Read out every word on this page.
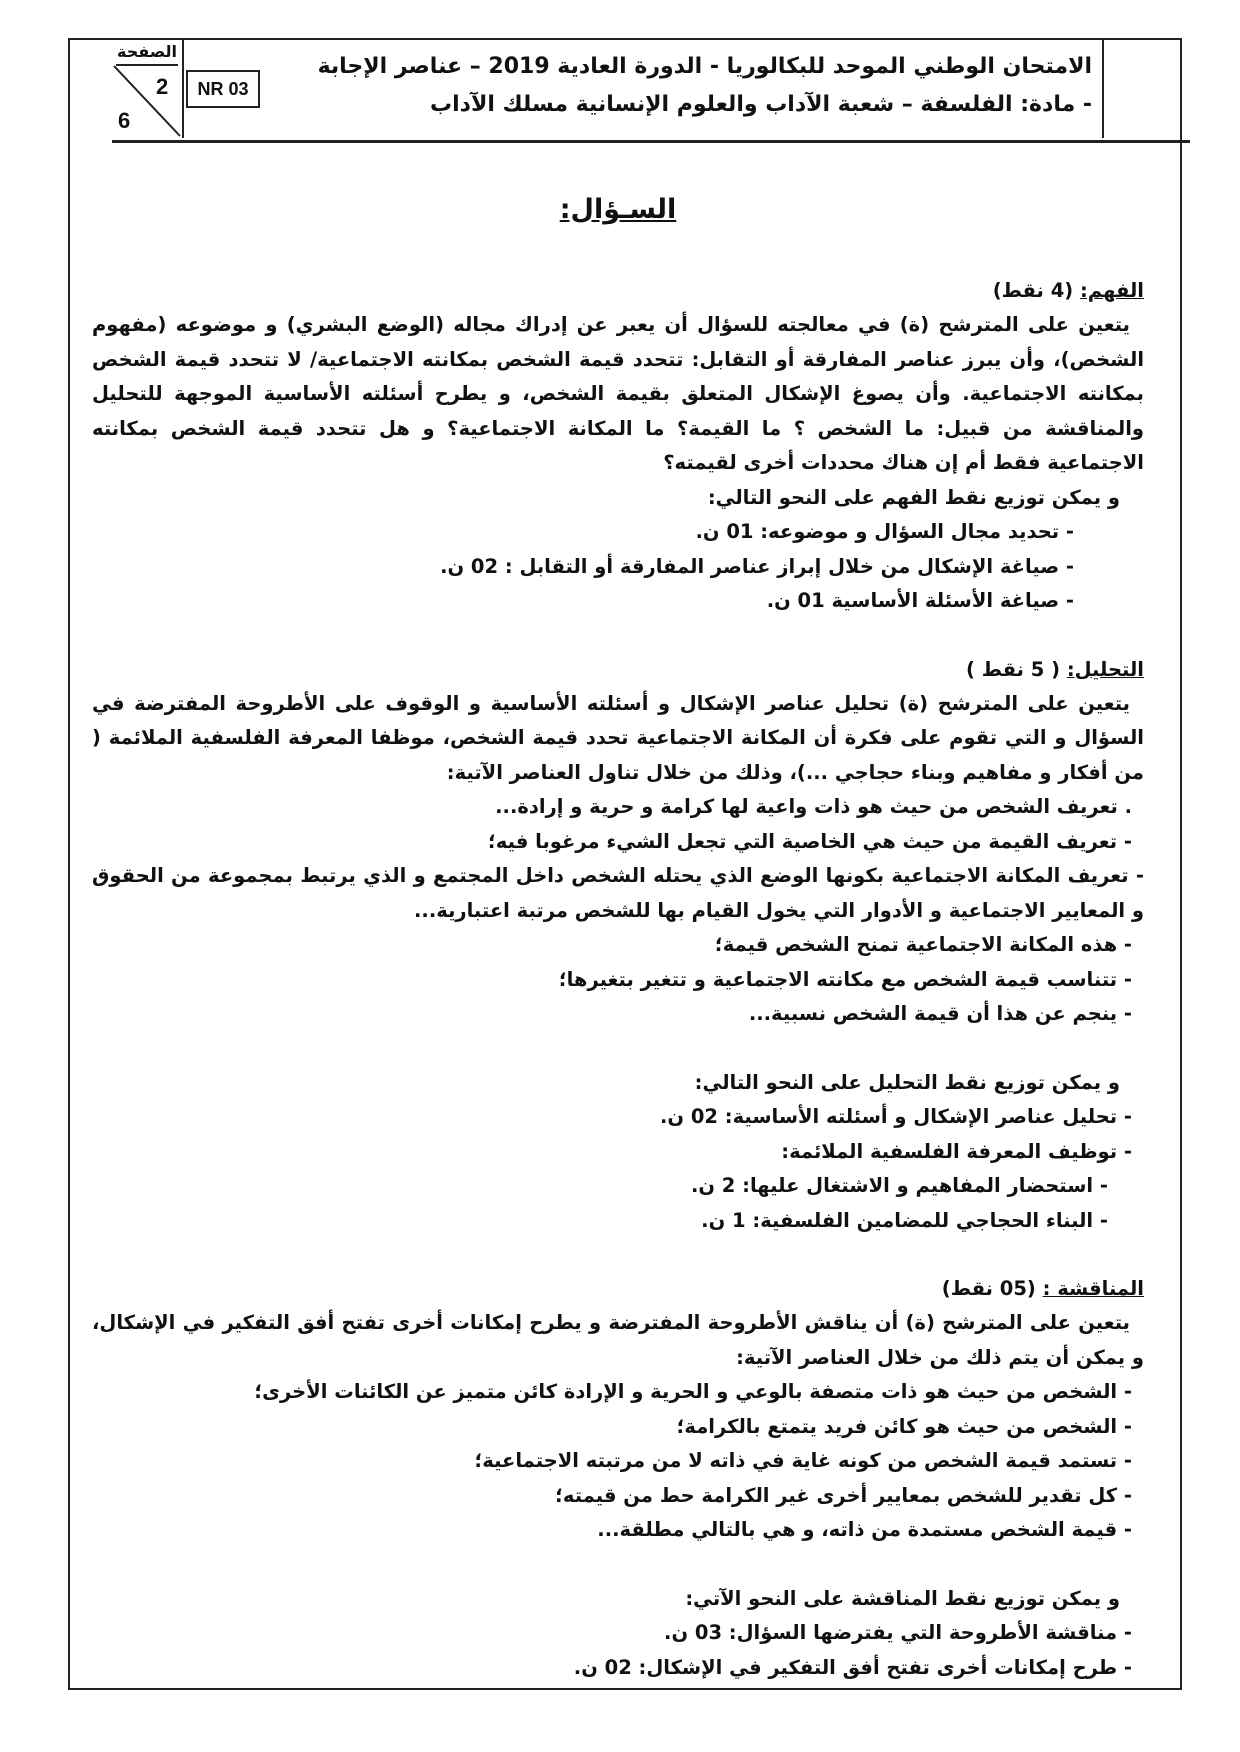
الصفحة
2
6
NR 03
الامتحان الوطني الموحد للبكالوريا - الدورة العادية 2019 – عناصر الإجابة
- مادة: الفلسفة – شعبة الآداب والعلوم الإنسانية مسلك الآداب
السـؤال:

الفهم: (4 نقط)

يتعين على المترشح (ة) في معالجته للسؤال أن يعبر عن إدراك مجاله (الوضع البشري) و موضوعه (مفهوم الشخص)، وأن يبرز عناصر المفارقة أو التقابل: تتحدد قيمة الشخص بمكانته الاجتماعية/ لا تتحدد قيمة الشخص بمكانته الاجتماعية. وأن يصوغ الإشكال المتعلق بقيمة الشخص، و يطرح أسئلته الأساسية الموجهة للتحليل والمناقشة من قبيل: ما الشخص ؟ ما القيمة؟ ما المكانة الاجتماعية؟ و هل تتحدد قيمة الشخص بمكانته الاجتماعية فقط أم إن هناك محددات أخرى لقيمته؟

و يمكن توزيع نقط الفهم على النحو التالي:

- تحديد مجال السؤال و موضوعه: 01 ن.

- صياغة الإشكال من خلال إبراز عناصر المفارقة أو التقابل : 02 ن.

- صياغة الأسئلة الأساسية 01 ن.

التحليل: ( 5 نقط )

يتعين على المترشح (ة) تحليل عناصر الإشكال و أسئلته الأساسية و الوقوف على الأطروحة المفترضة في السؤال و التي تقوم على فكرة أن المكانة الاجتماعية تحدد قيمة الشخص، موظفا المعرفة الفلسفية الملائمة ( من أفكار و مفاهيم وبناء حجاجي ...)، وذلك من خلال تناول العناصر الآتية:

. تعريف الشخص من حيث هو ذات واعية لها كرامة و حرية و إرادة...

- تعريف القيمة من حيث هي الخاصية التي تجعل الشيء مرغوبا فيه؛

- تعريف المكانة الاجتماعية بكونها الوضع الذي يحتله الشخص داخل المجتمع و الذي يرتبط بمجموعة من الحقوق و المعايير الاجتماعية و الأدوار التي يخول القيام بها للشخص مرتبة اعتبارية...

- هذه المكانة الاجتماعية تمنح الشخص قيمة؛

- تتناسب قيمة الشخص مع مكانته الاجتماعية و تتغير بتغيرها؛

- ينجم عن هذا أن قيمة الشخص نسبية...

و يمكن توزيع نقط التحليل على النحو التالي:

- تحليل عناصر الإشكال و أسئلته الأساسية: 02 ن.

- توظيف المعرفة الفلسفية الملائمة:

- استحضار المفاهيم و الاشتغال عليها: 2 ن.

- البناء الحجاجي للمضامين الفلسفية: 1 ن.

المناقشة : (05 نقط)

يتعين على المترشح (ة) أن يناقش الأطروحة المفترضة و يطرح إمكانات أخرى تفتح أفق التفكير في الإشكال، و يمكن أن يتم ذلك من خلال العناصر الآتية:

- الشخص من حيث هو ذات متصفة بالوعي و الحرية و الإرادة كائن متميز عن الكائنات الأخرى؛

- الشخص من حيث هو كائن فريد يتمتع بالكرامة؛

- تستمد قيمة الشخص من كونه غاية في ذاته لا من مرتبته الاجتماعية؛

- كل تقدير للشخص بمعايير أخرى غير الكرامة حط من قيمته؛

- قيمة الشخص مستمدة من ذاته، و هي بالتالي مطلقة...

و يمكن توزيع نقط المناقشة على النحو الآتي:

- مناقشة الأطروحة التي يفترضها السؤال: 03 ن.

- طرح إمكانات أخرى تفتح أفق التفكير في الإشكال: 02 ن.
